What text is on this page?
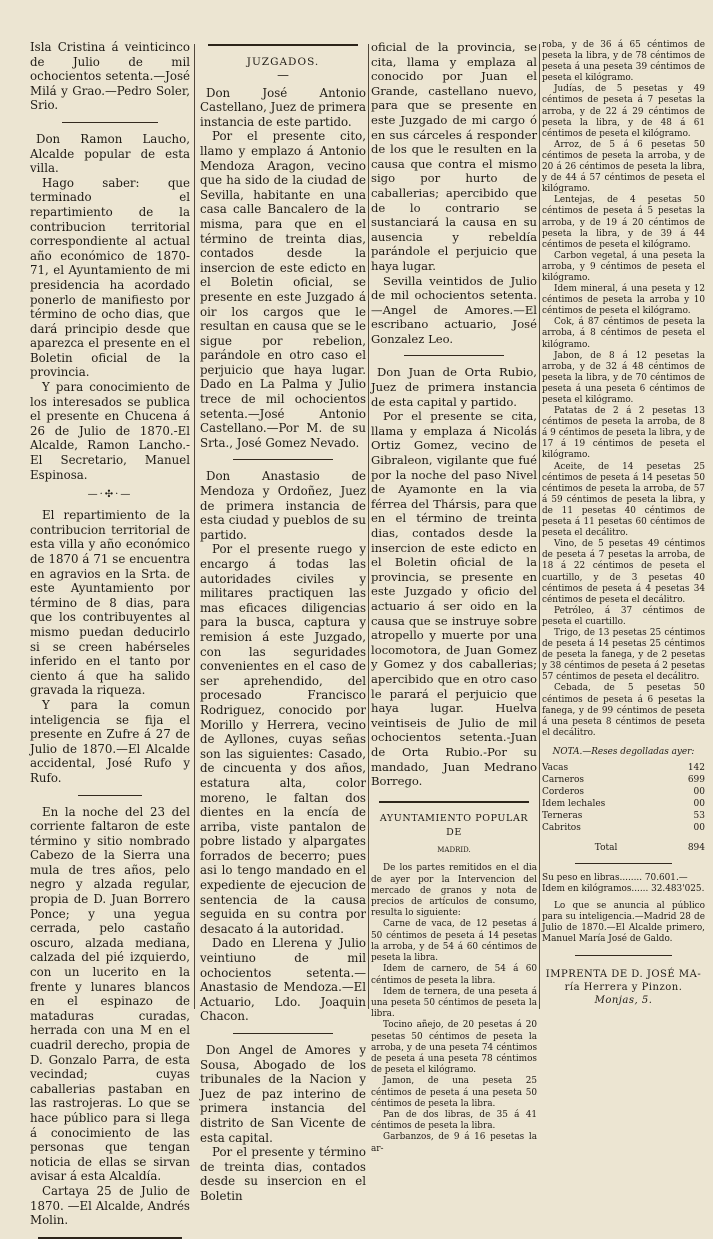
Isla Cristina á veinticinco de Julio de mil ochocientos setenta.—José Milá y Grao.—Pedro Soler, Srio.

Don Ramon Laucho, Alcalde popular de esta villa.

Hago saber: que terminado el repartimiento de la contribucion territorial correspondiente al actual año económico de 1870-71, el Ayuntamiento de mi presidencia ha acordado ponerlo de manifiesto por término de ocho dias, que dará principio desde que aparezca el presente en el Boletin oficial de la provincia.

Y para conocimiento de los interesados se publica el presente en Chucena á 26 de Julio de 1870.-El Alcalde, Ramon Lancho.-El Secretario, Manuel Espinosa.

—·✣·—

El repartimiento de la contribucion territorial de esta villa y año económico de 1870 á 71 se encuentra en agravios en la Srta. de este Ayuntamiento por término de 8 dias, para que los contribuyentes al mismo puedan deducirlo si se creen habérseles inferido en el tanto por ciento á que ha salido gravada la riqueza.

Y para la comun inteligencia se fija el presente en Zufre á 27 de Julio de 1870.—El Alcalde accidental, José Rufo y Rufo.

En la noche del 23 del corriente faltaron de este término y sitio nombrado Cabezo de la Sierra una mula de tres años, pelo negro y alzada regular, propia de D. Juan Borrero Ponce; y una yegua cerrada, pelo castaño oscuro, alzada mediana, calzada del pié izquierdo, con un lucerito en la frente y lunares blancos en el espinazo de mataduras curadas, herrada con una M en el cuadril derecho, propia de D. Gonzalo Parra, de esta vecindad; cuyas caballerias pastaban en las rastrojeras. Lo que se hace público para si llega á conocimiento de las personas que tengan noticia de ellas se sirvan avisar á esta Alcaldía.

Cartaya 25 de Julio de 1870. —El Alcalde, Andrés Molin.

JUZGADOS.
—

Don José Antonio Castellano, Juez de primera instancia de este partido.

Por el presente cito, llamo y emplazo á Antonio Mendoza Aragon, vecino que ha sido de la ciudad de Sevilla, habitante en una casa calle Bancalero de la misma, para que en el término de treinta dias, contados desde la insercion de este edicto en el Boletin oficial, se presente en este Juzgado á oir los cargos que le resultan en causa que se le sigue por rebelion, parándole en otro caso el perjuicio que haya lugar. Dado en La Palma y Julio trece de mil ochocientos setenta.—José Antonio Castellano.—Por M. de su Srta., José Gomez Nevado.

Don Anastasio de Mendoza y Ordoñez, Juez de primera instancia de esta ciudad y pueblos de su partido.

Por el presente ruego y encargo á todas las autoridades civiles y militares practiquen las mas eficaces diligencias para la busca, captura y remision á este Juzgado, con las seguridades convenientes en el caso de ser aprehendido, del procesado Francisco Rodriguez, conocido por Morillo y Herrera, vecino de Ayllones, cuyas señas son las siguientes: Casado, de cincuenta y dos años, estatura alta, color moreno, le faltan dos dientes en la encía de arriba, viste pantalon de pobre listado y alpargates forrados de becerro; pues asi lo tengo mandado en el expediente de ejecucion de sentencia de la causa seguida en su contra por desacato á la autoridad.

Dado en Llerena y Julio veintiuno de mil ochocientos setenta.—Anastasio de Mendoza.—El Actuario, Ldo. Joaquin Chacon.

Don Angel de Amores y Sousa, Abogado de los tribunales de la Nacion y Juez de paz interino de primera instancia del distrito de San Vicente de esta capital.

Por el presente y término de treinta dias, contados desde su insercion en el Boletin

oficial de la provincia, se cita, llama y emplaza al conocido por Juan el Grande, castellano nuevo, para que se presente en este Juzgado de mi cargo ó en sus cárceles á responder de los que le resulten en la causa que contra el mismo sigo por hurto de caballerias; apercibido que de lo contrario se sustanciará la causa en su ausencia y rebeldía parándole el perjuicio que haya lugar.

Sevilla veintidos de Julio de mil ochocientos setenta.—Angel de Amores.—El escribano actuario, José Gonzalez Leo.

Don Juan de Orta Rubio, Juez de primera instancia de esta capital y partido.

Por el presente se cita, llama y emplaza á Nicolás Ortiz Gomez, vecino de Gibraleon, vigilante que fué por la noche del paso Nivel de Ayamonte en la via férrea del Thársis, para que en el término de treinta dias, contados desde la insercion de este edicto en el Boletin oficial de la provincia, se presente en este Juzgado y oficio del actuario á ser oido en la causa que se instruye sobre atropello y muerte por una locomotora, de Juan Gomez y Gomez y dos caballerias; apercibido que en otro caso le parará el perjuicio que haya lugar. Huelva veintiseis de Julio de mil ochocientos setenta.-Juan de Orta Rubio.-Por su mandado, Juan Medrano Borrego.

AYUNTAMIENTO POPULAR DE
MADRID.

De los partes remitidos en el dia de ayer por la Intervencion del mercado de granos y nota de precios de artículos de consumo, resulta lo siguiente:

Carne de vaca, de 12 pesetas á 50 céntimos de peseta á 14 pesetas la arroba, y de 54 á 60 céntimos de peseta la libra.

Idem de carnero, de 54 á 60 céntimos de peseta la libra.

Idem de ternera, de una peseta á una peseta 50 céntimos de peseta la libra.

Tocino añejo, de 20 pesetas á 20 pesetas 50 céntimos de peseta la arroba, y de una peseta 74 céntimos de peseta á una peseta 78 céntimos de peseta el kilógramo.

Jamon, de una peseta 25 céntimos de peseta á una peseta 50 céntimos de peseta la libra.

Pan de dos libras, de 35 á 41 céntimos de peseta la libra.

Garbanzos, de 9 á 16 pesetas la ar-

roba, y de 36 á 65 céntimos de peseta la libra, y de 78 céntimos de peseta á una peseta 39 céntimos de peseta el kilógramo.

Judías, de 5 pesetas y 49 céntimos de peseta á 7 pesetas la arroba, y de 22 á 29 céntimos de peseta la libra, y de 48 á 61 céntimos de peseta el kilógramo.

Arroz, de 5 á 6 pesetas 50 céntimos de peseta la arroba, y de 20 á 26 céntimos de peseta la libra, y de 44 á 57 céntimos de peseta el kilógramo.

Lentejas, de 4 pesetas 50 céntimos de peseta á 5 pesetas la arroba, y de 19 á 20 céntimos de peseta la libra, y de 39 á 44 céntimos de peseta el kilógramo.

Carbon vegetal, á una peseta la arroba, y 9 céntimos de peseta el kilógramo.

Idem mineral, á una peseta y 12 céntimos de peseta la arroba y 10 céntimos de peseta el kilógramo.

Cok, á 87 céntimos de peseta la arroba, á 8 céntimos de peseta el kilógramo.

Jabon, de 8 á 12 pesetas la arroba, y de 32 á 48 céntimos de peseta la libra, y de 70 céntimos de peseta á una peseta 6 céntimos de peseta el kilógramo.

Patatas de 2 á 2 pesetas 13 céntimos de peseta la arroba, de 8 á 9 céntimos de peseta la libra, y de 17 á 19 céntimos de peseta el kilógramo.

Aceite, de 14 pesetas 25 céntimos de peseta á 14 pesetas 50 céntimos de peseta la arroba, de 57 á 59 céntimos de peseta la libra, y de 11 pesetas 40 céntimos de peseta á 11 pesetas 60 céntimos de peseta el decálitro.

Vino, de 5 pesetas 49 céntimos de peseta á 7 pesetas la arroba, de 18 á 22 céntimos de peseta el cuartillo, y de 3 pesetas 40 céntimos de peseta á 4 pesetas 34 céntimos de peseta el decálitro.

Petróleo, á 37 céntimos de peseta el cuartillo.

Trigo, de 13 pesetas 25 céntimos de peseta á 14 pesetas 25 céntimos de peseta la fanega, y de 2 pesetas y 38 céntimos de peseta á 2 pesetas 57 céntimos de peseta el decálitro.

Cebada, de 5 pesetas 50 céntimos de peseta á 6 pesetas la fanega, y de 99 céntimos de peseta á una peseta 8 céntimos de peseta el decálitro.

NOTA.—Reses degolladas ayer:
Vacas	142
Carneros	699
Corderos	00
Idem lechales	00
Terneras	53
Cabritos	00
Total	894

Su peso en libras........ 70.601.—

Idem en kilógramos...... 32.483'025.

Lo que se anuncia al público para su inteligencia.—Madrid 28 de Julio de 1870.—El Alcalde primero, Manuel María José de Galdo.

IMPRENTA DE D. JOSÉ MA-
ría Herrera y Pinzon.
Monjas, 5.
